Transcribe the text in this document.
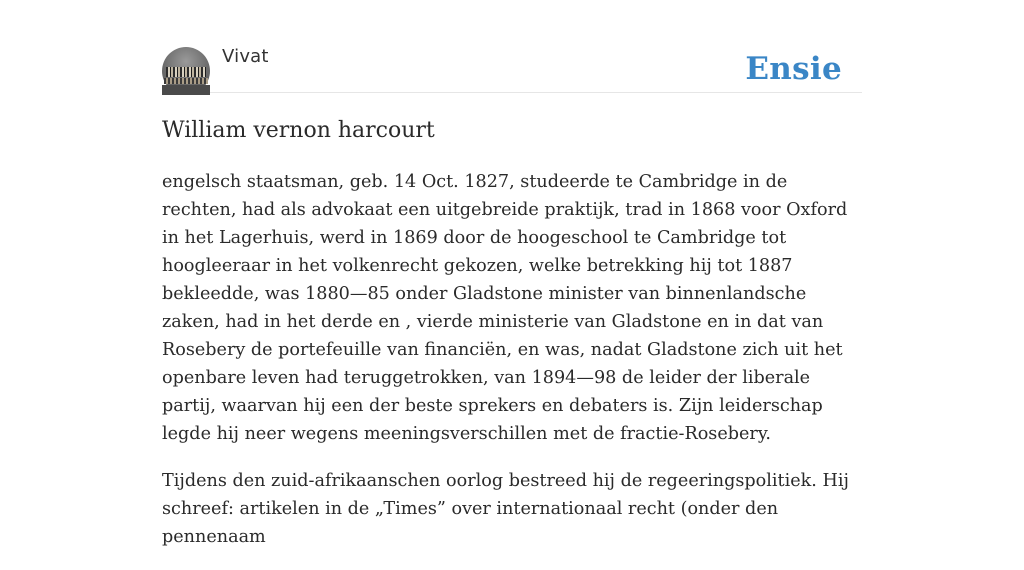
Vivat	Ensie
William vernon harcourt

engelsch staatsman, geb. 14 Oct. 1827, studeerde te Cambridge in de rechten, had als advokaat een uitgebreide praktijk, trad in 1868 voor Oxford in het Lagerhuis, werd in 1869 door de hoogeschool te Cambridge tot hoogleeraar in het volkenrecht gekozen, welke betrekking hij tot 1887 bekleedde, was 1880—85 onder Gladstone minister van binnenlandsche zaken, had in het derde en , vierde ministerie van Gladstone en in dat van Rosebery de portefeuille van financiën, en was, nadat Gladstone zich uit het openbare leven had teruggetrokken, van 1894—98 de leider der liberale partij, waarvan hij een der beste sprekers en debaters is. Zijn leiderschap legde hij neer wegens meeningsverschillen met de fractie-Rosebery.

Tijdens den zuid-afrikaanschen oorlog bestreed hij de regeeringspolitiek. Hij schreef: artikelen in de „Times” over internationaal recht (onder den pennenaam
